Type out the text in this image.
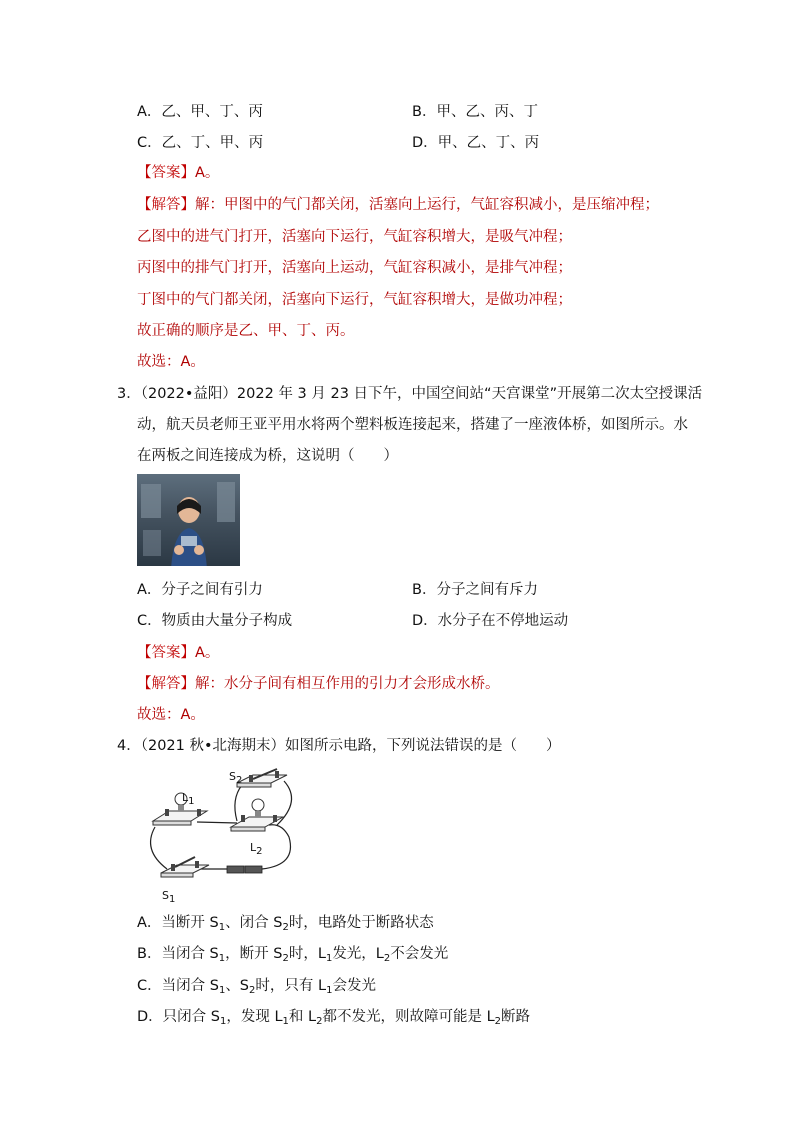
A．乙、甲、丁、丙	B．甲、乙、丙、丁
C．乙、丁、甲、丙	D．甲、乙、丁、丙
【答案】A。
【解答】解：甲图中的气门都关闭，活塞向上运行，气缸容积减小，是压缩冲程；
乙图中的进气门打开，活塞向下运行，气缸容积增大，是吸气冲程；
丙图中的排气门打开，活塞向上运动，气缸容积减小，是排气冲程；
丁图中的气门都关闭，活塞向下运行，气缸容积增大，是做功冲程；
故正确的顺序是乙、甲、丁、丙。
故选：A。
3．（2022•益阳）2022 年 3 月 23 日下午，中国空间站“天宫课堂”开展第二次太空授课活
动，航天员老师王亚平用水将两个塑料板连接起来，搭建了一座液体桥，如图所示。水
在两板之间连接成为桥，这说明（　　）
A．分子之间有引力	B．分子之间有斥力
C．物质由大量分子构成	D．水分子在不停地运动
【答案】A。
【解答】解：水分子间有相互作用的引力才会形成水桥。
故选：A。
4．（2021 秋•北海期末）如图所示电路，下列说法错误的是（　　）
$S_2$
$L_1$
$L_2$
$S_1$
A．当断开 $S_1$、闭合 $S_2$时，电路处于断路状态
B．当闭合 $S_1$，断开 $S_2$时，$L_1$发光，$L_2$不会发光
C．当闭合 $S_1$、$S_2$时，只有 $L_1$会发光
D．只闭合 $S_1$，发现 $L_1$和 $L_2$都不发光，则故障可能是 $L_2$断路
